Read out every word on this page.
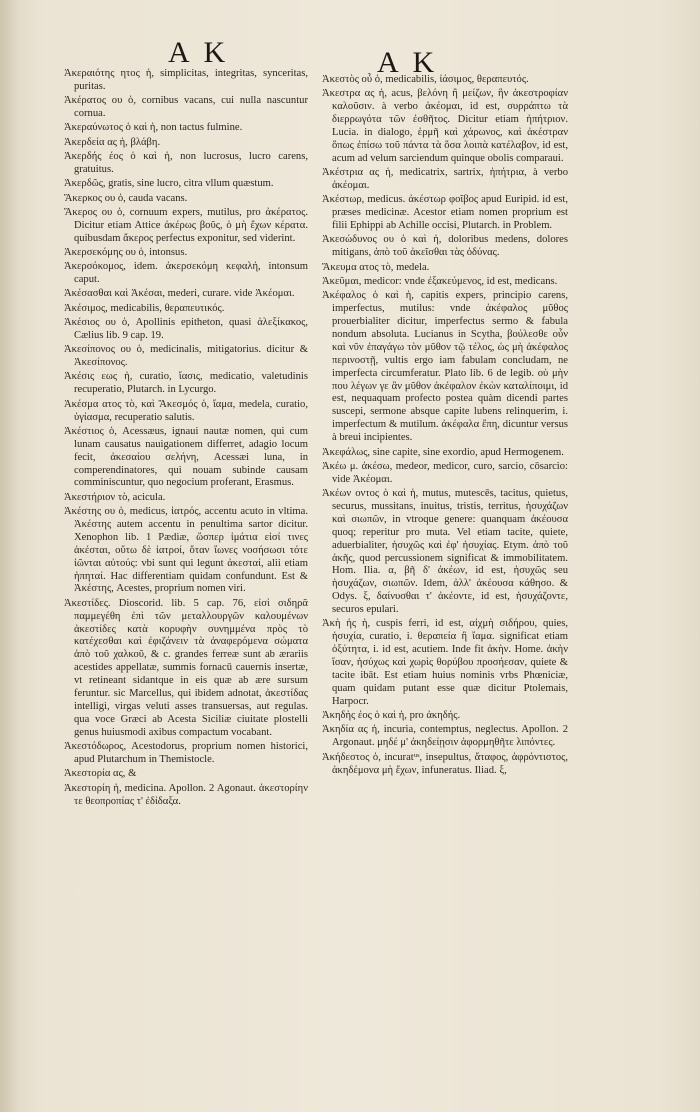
A K	A K

Ἀκεραιότης ητος ἡ, simplicitas, integritas, synceritas, puritas.

Ἀκέρατος ου ὁ, cornibus vacans, cui nulla nascuntur cornua.

Ἀκεραύνωτος ὁ καὶ ἡ, non tactus fulmine.

Ἀκερδεία ας ἡ, βλάβη.

Ἀκερδής έος ὁ καὶ ἡ, non lucrosus, lucro carens, gratuitus.

Ἀκερδῶς, gratis, sine lucro, citra vllum quæstum.

Ἄκερκος ου ὁ, cauda vacans.

Ἄκερος ου ὁ, cornuum expers, mutilus, pro ἀκέρατος. Dicitur etiam Attice ἀκέρως βοῦς, ὁ μὴ ἔχων κέρατα. quibusdam ἄκερος perfectus exponitur, sed viderint.

Ἀκερσεκόμης ου ὁ, intonsus.

Ἀκερσόκομος, idem. ἀκερσεκόμη κεφαλή, intonsum caput.

Ἀκέσασθαι καὶ Ἀκέσαι, mederi, curare. vide Ἀκέομαι.

Ἀκέσιμος, medicabilis, θεραπευτικός.

Ἀκέσιος ου ὁ, Apollinis epitheton, quasi ἀλεξίκακος, Cælius lib. 9 cap. 19.

Ἀκεσίπονος ου ὁ, medicinalis, mitigatorius. dicitur & Ἀκεσίπονος.

Ἀκέσις εως ἡ, curatio, ἴασις, medicatio, valetudinis recuperatio, Plutarch. in Lycurgo.

Ἀκέσμα ατος τὸ, καὶ Ἄκεσμός ὁ, ἴαμα, medela, curatio, ὑγίασμα, recuperatio salutis.

Ἀκέστιος ὁ, Acessæus, ignaui nautæ nomen, qui cum lunam causatus nauigationem differret, adagio locum fecit, ἀκεσαίου σελήνη, Acessæi luna, in comperendinatores, qui nouam subinde causam comminiscuntur, quo negocium proferant, Erasmus.

Ἀκεστήριον τὸ, acicula.

Ἀκέστης ου ὁ, medicus, ἰατρός, accentu acuto in vltima. Ἀκέστης autem accentu in penultima sartor dicitur. Xenophon lib. 1 Pædiæ, ὥσπερ ἱμάτια εἰσί τινες ἀκέσται, οὕτω δὲ ἰατροί, ὅταν ἴωνες νοσήσωσι τότε ἰῶνται αὐτούς: vbi sunt qui legunt ἀκεσταί, alii etiam ἠπηταί. Hac differentiam quidam confundunt. Est & Ἀκέστης, Acestes, proprium nomen viri.

Ἀκεστίδες. Dioscorid. lib. 5 cap. 76, εἰσὶ σιδηρᾶ παμμεγέθη ἐπὶ τῶν μεταλλουργῶν καλουμένων ἀκεστίδες κατὰ κορυφὴν συνημμένα πρὸς τὸ κατέχεσθαι καὶ ἐφιζάνειν τὰ ἀναφερόμενα σώματα ἀπὸ τοῦ χαλκοῦ, & c. grandes ferreæ sunt ab ærariis acestides appellatæ, summis fornacū cauernis insertæ, vt retineant sidantque in eis quæ ab ære sursum feruntur. sic Marcellus, qui ibidem adnotat, ἀκεστίδας intelligi, virgas veluti asses transuersas, aut regulas. qua voce Græci ab Acesta Siciliæ ciuitate plostelli genus huiusmodi axibus compactum vocabant.

Ἀκεστόδωρος, Acestodorus, proprium nomen historici, apud Plutarchum in Themistocle.

Ἀκεστορία ας, &

Ἀκεστορίη ἡ, medicina. Apollon. 2 Agonaut. ἀκεστορίην τε θεοπροπίας τ' ἐδίδαξα.

Ἀκεστὸς οὗ ὁ, medicabilis, ἰάσιμος, θεραπευτός.

Ἀκεστρα ας ἡ, acus, βελόνη ἢ μείζων, ἣν ἀκεστροφίαν καλοῦσιν. à verbo ἀκέομαι, id est, συρράπτω τὰ διερρωγότα τῶν ἐσθῆτος. Dicitur etiam ἠπήτριον. Lucia. in dialogo, ἑρμῆ καὶ χάρωνος, καὶ ἀκέστραν ὅπως ἐπίσω τοῦ πάντα τὰ ὅσα λοιπὰ κατέλαβον, id est, acum ad velum sarciendum quinque obolis comparaui.

Ἀκέστρια ας ἡ, medicatrix, sartrix, ἠπήτρια, à verbo ἀκέομαι.

Ἀκέστωρ, medicus. ἀκέστωρ φοῖβος apud Euripid. id est, præses medicinæ. Acestor etiam nomen proprium est filii Ephippi ab Achille occisi, Plutarch. in Problem.

Ἀκεσώδυνος ου ὁ καὶ ἡ, doloribus medens, dolores mitigans, ἀπὸ τοῦ ἀκεῖσθαι τὰς ὀδύνας.

Ἄκευμα ατος τὸ, medela.

Ἀκεῦμαι, medicor: vnde ἐξακεύμενος, id est, medicans.

Ἀκέφαλος ὁ καὶ ἡ, capitis expers, principio carens, imperfectus, mutilus: vnde ἀκέφαλος μῦθος prouerbialiter dicitur, imperfectus sermo & fabula nondum absoluta. Lucianus in Scytha, βούλεσθε οὖν καὶ νῦν ἐπαγάγω τὸν μῦθον τῷ τέλος, ὡς μὴ ἀκέφαλος περινοστῇ, vultis ergo iam fabulam concludam, ne imperfecta circumferatur. Plato lib. 6 de legib. οὐ μὴν που λέγων γε ἂν μῦθον ἀκέφαλον ἐκὼν καταλίποιμι, id est, nequaquam profecto postea quàm dicendi partes suscepi, sermone absque capite lubens relinquerim, i. imperfectum & mutilum. ἀκέφαλα ἔπη, dicuntur versus à breui incipientes.

Ἀκεφάλως, sine capite, sine exordio, apud Hermogenem.

Ἀκέω μ. ἀκέσω, medeor, medicor, curo, sarcio, cōsarcio: vide Ἀκέομαι.

Ἀκέων οντος ὁ καὶ ἡ, mutus, mutescēs, tacitus, quietus, securus, mussitans, inuitus, tristis, territus, ἡσυχάζων καὶ σιωπῶν, in vtroque genere: quanquam ἀκέουσα quoq; reperitur pro muta. Vel etiam tacite, quiete, aduerbialiter, ἡσυχῶς καὶ ἐφ' ἡσυχίας. Etym. ἀπὸ τοῦ ἀκῆς, quod percussionem significat & immobilitatem. Hom. Ilia. α, βῆ δ' ἀκέων, id est, ἡσυχῶς seu ἡσυχάζων, σιωπῶν. Idem, ἀλλ' ἀκέουσα κάθησο. & Odys. ξ, δαίνυσθαι τ' ἀκέοντε, id est, ἡσυχάζοντε, securos epulari.

Ἀκὴ ἡς ἡ, cuspis ferri, id est, αἰχμὴ σιδήρου, quies, ἡσυχία, curatio, i. θεραπεία ἢ ἴαμα. significat etiam ὀξύτητα, i. id est, acutiem. Inde fit ἀκὴν. Home. ἀκὴν ἴσαν, ἡσύχως καὶ χωρὶς θορύβου προσήεσαν, quiete & tacite ibāt. Est etiam huius nominis vrbs Phœniciæ, quam quidam putant esse quæ dicitur Ptolemais, Harpocr.

Ἀκηδὴς έος ὁ καὶ ἡ, pro ἀκηδής.

Ἀκηδία ας ἡ, incuria, contemptus, neglectus. Apollon. 2 Argonaut. μηδέ μ' ἀκηδείῃσιν ἀφορμηθῆτε λιπόντες.

Ἀκήδεστος ὁ, incuratᵘˢ, insepultus, ἄταφος, ἀφρόντιστος, ἀκηδέμονα μὴ ἔχων, infuneratus. Iliad. ξ,
